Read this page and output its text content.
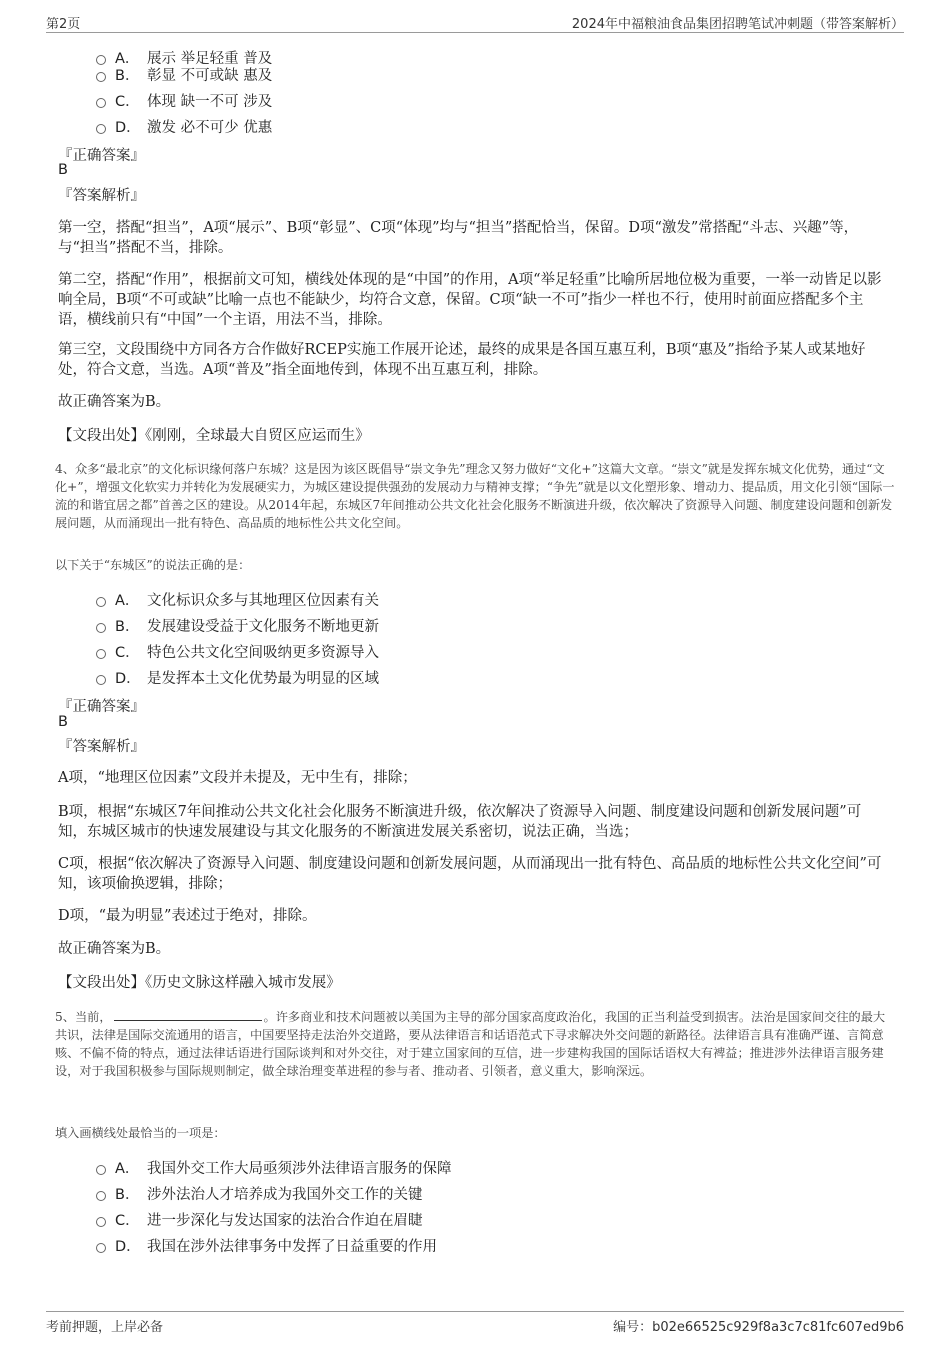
第2页	2024年中福粮油食品集团招聘笔试冲刺题（带答案解析）
A． 展示 举足轻重 普及
B． 彰显 不可或缺 惠及
C． 体现 缺一不可 涉及
D． 激发 必不可少 优惠
『正确答案』
B
『答案解析』
第一空，搭配“担当”，A项“展示”、B项“彰显”、C项“体现”均与“担当”搭配恰当，保留。D项“激发”常搭配“斗志、兴趣”等，与“担当”搭配不当，排除。
第二空，搭配“作用”，根据前文可知，横线处体现的是“中国”的作用，A项“举足轻重”比喻所居地位极为重要，一举一动皆足以影响全局，B项“不可或缺”比喻一点也不能缺少，均符合文意，保留。C项“缺一不可”指少一样也不行，使用时前面应搭配多个主语，横线前只有“中国”一个主语，用法不当，排除。
第三空，文段围绕中方同各方合作做好RCEP实施工作展开论述，最终的成果是各国互惠互利，B项“惠及”指给予某人或某地好处，符合文意，当选。A项“普及”指全面地传到，体现不出互惠互利，排除。
故正确答案为B。
【文段出处】《刚刚，全球最大自贸区应运而生》
4、众多“最北京”的文化标识缘何落户东城？这是因为该区既倡导“崇文争先”理念又努力做好“文化+”这篇大文章。“崇文”就是发挥东城文化优势，通过“文化+”，增强文化软实力并转化为发展硬实力，为城区建设提供强劲的发展动力与精神支撑；“争先”就是以文化塑形象、增动力、提品质，用文化引领“国际一流的和谐宜居之都”首善之区的建设。从2014年起，东城区7年间推动公共文化社会化服务不断演进升级，依次解决了资源导入问题、制度建设问题和创新发展问题，从而涌现出一批有特色、高品质的地标性公共文化空间。
以下关于“东城区”的说法正确的是：
A． 文化标识众多与其地理区位因素有关
B． 发展建设受益于文化服务不断地更新
C． 特色公共文化空间吸纳更多资源导入
D． 是发挥本土文化优势最为明显的区域
『正确答案』
B
『答案解析』
A项，“地理区位因素”文段并未提及，无中生有，排除；
B项，根据“东城区7年间推动公共文化社会化服务不断演进升级，依次解决了资源导入问题、制度建设问题和创新发展问题”可知，东城区城市的快速发展建设与其文化服务的不断演进发展关系密切，说法正确，当选；
C项，根据“依次解决了资源导入问题、制度建设问题和创新发展问题，从而涌现出一批有特色、高品质的地标性公共文化空间”可知，该项偷换逻辑，排除；
D项，“最为明显”表述过于绝对，排除。
故正确答案为B。
【文段出处】《历史文脉这样融入城市发展》
5、当前，	。许多商业和技术问题被以美国为主导的部分国家高度政治化，我国的正当利益受到损害。法治是国家间交往的最大共识，法律是国际交流通用的语言，中国要坚持走法治外交道路，要从法律语言和话语范式下寻求解决外交问题的新路径。法律语言具有准确严谨、言简意赅、不偏不倚的特点，通过法律话语进行国际谈判和对外交往，对于建立国家间的互信，进一步建构我国的国际话语权大有裨益；推进涉外法律语言服务建设，对于我国积极参与国际规则制定，做全球治理变革进程的参与者、推动者、引领者，意义重大，影响深远。
填入画横线处最恰当的一项是：
A． 我国外交工作大局亟须涉外法律语言服务的保障
B． 涉外法治人才培养成为我国外交工作的关键
C． 进一步深化与发达国家的法治合作迫在眉睫
D． 我国在涉外法律事务中发挥了日益重要的作用
考前押题，上岸必备	编号：b02e66525c929f8a3c7c81fc607ed9b6
